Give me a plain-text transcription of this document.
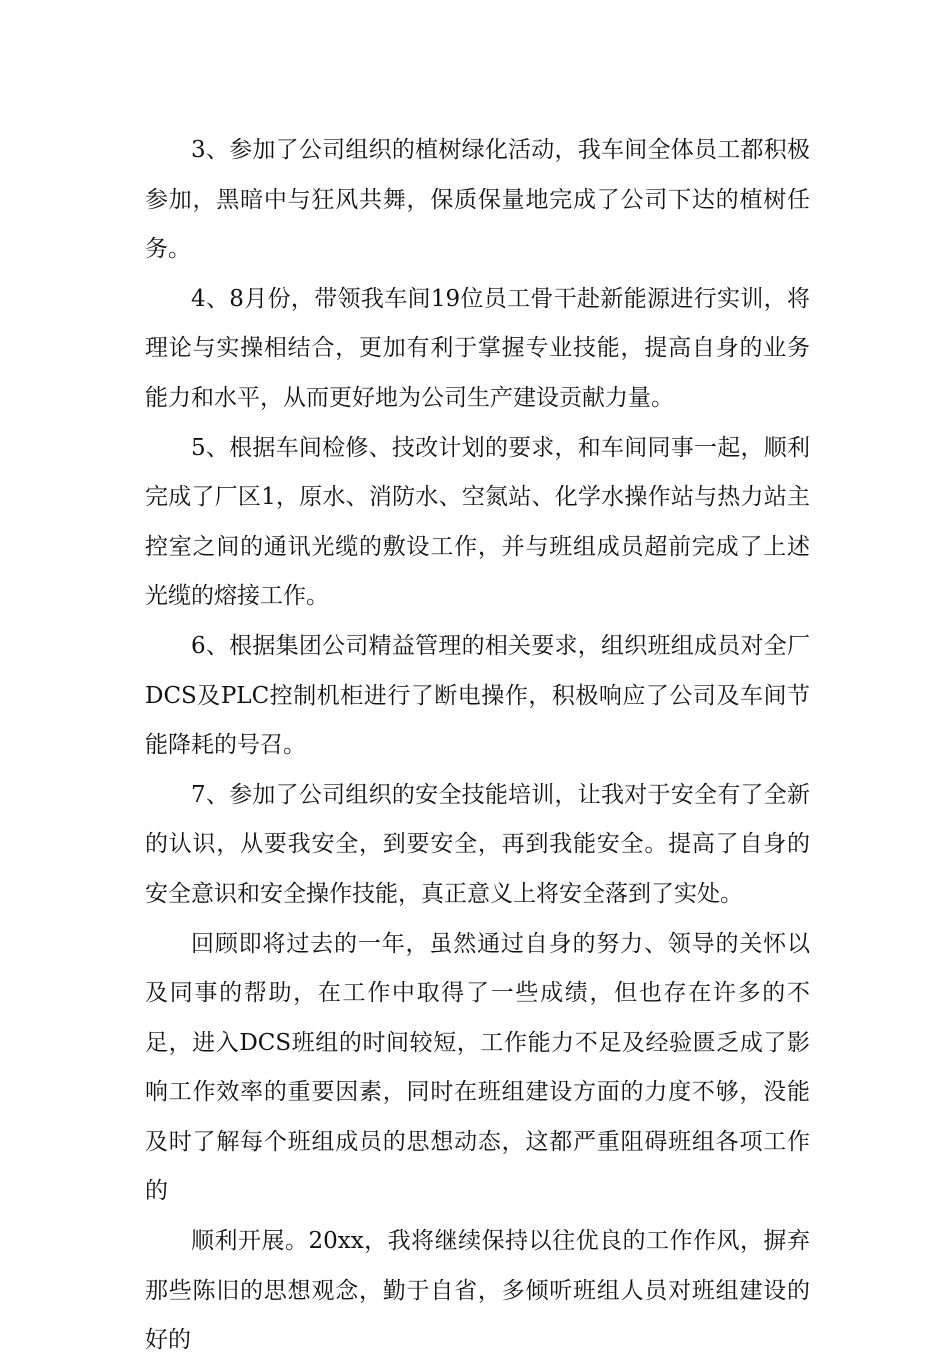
3、参加了公司组织的植树绿化活动，我车间全体员工都积极参加，黑暗中与狂风共舞，保质保量地完成了公司下达的植树任务。

4、8月份，带领我车间19位员工骨干赴新能源进行实训，将理论与实操相结合，更加有利于掌握专业技能，提高自身的业务能力和水平，从而更好地为公司生产建设贡献力量。

5、根据车间检修、技改计划的要求，和车间同事一起，顺利完成了厂区1，原水、消防水、空氮站、化学水操作站与热力站主控室之间的通讯光缆的敷设工作，并与班组成员超前完成了上述光缆的熔接工作。

6、根据集团公司精益管理的相关要求，组织班组成员对全厂DCS及PLC控制机柜进行了断电操作，积极响应了公司及车间节能降耗的号召。

7、参加了公司组织的安全技能培训，让我对于安全有了全新的认识，从要我安全，到要安全，再到我能安全。提高了自身的安全意识和安全操作技能，真正意义上将安全落到了实处。

回顾即将过去的一年，虽然通过自身的努力、领导的关怀以及同事的帮助，在工作中取得了一些成绩，但也存在许多的不足，进入DCS班组的时间较短，工作能力不足及经验匮乏成了影响工作效率的重要因素，同时在班组建设方面的力度不够，没能及时了解每个班组成员的思想动态，这都严重阻碍班组各项工作的

顺利开展。20xx，我将继续保持以往优良的工作作风，摒弃那些陈旧的思想观念，勤于自省，多倾听班组人员对班组建设的好的
